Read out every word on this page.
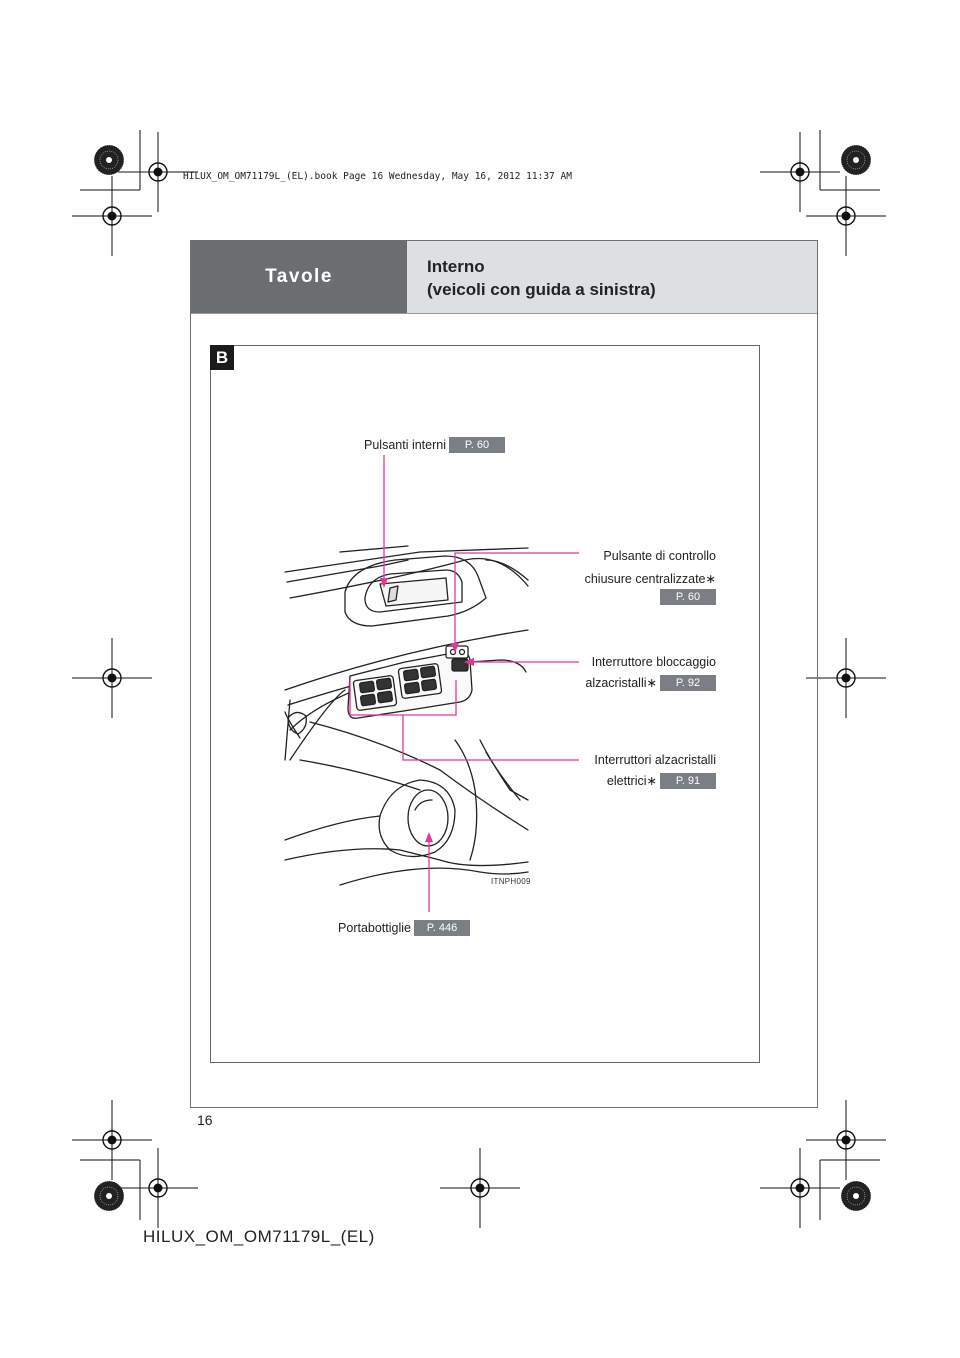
HILUX_OM_OM71179L_(EL).book Page 16 Wednesday, May 16, 2012 11:37 AM
Tavole	Interno
(veicoli con guida a sinistra)
B
Pulsanti interni	P. 60
Pulsante di controllo
chiusure centralizzate∗
P. 60
Interruttore bloccaggio
alzacristalli∗	P. 92
Interruttori alzacristalli
elettrici∗	P. 91
ITNPH009
Portabottiglie	P. 446
16
HILUX_OM_OM71179L_(EL)
